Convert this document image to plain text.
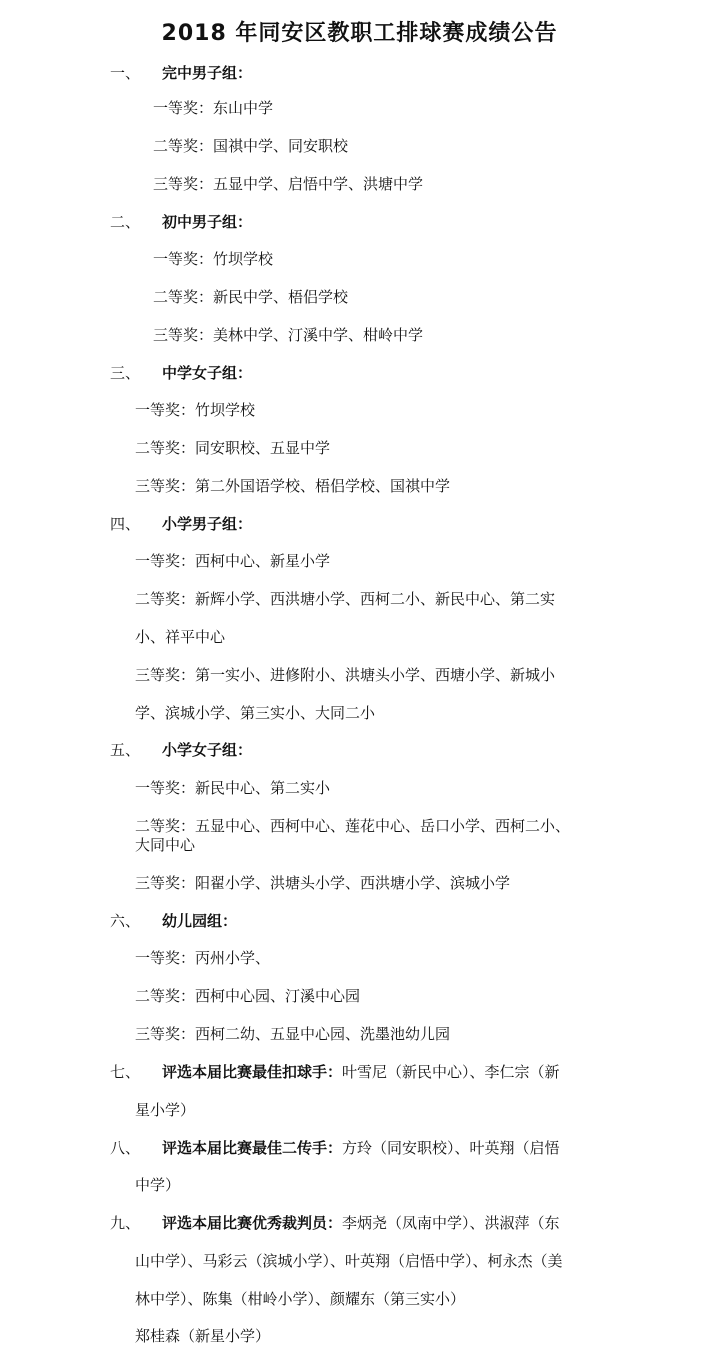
2018 年同安区教职工排球赛成绩公告
一、 完中男子组：
一等奖：东山中学
二等奖：国祺中学、同安职校
三等奖：五显中学、启悟中学、洪塘中学
二、 初中男子组：
一等奖：竹坝学校
二等奖：新民中学、梧侣学校
三等奖：美林中学、汀溪中学、柑岭中学
三、 中学女子组：
一等奖：竹坝学校
二等奖：同安职校、五显中学
三等奖：第二外国语学校、梧侣学校、国祺中学
四、 小学男子组：
一等奖：西柯中心、新星小学
二等奖：新辉小学、西洪塘小学、西柯二小、新民中心、第二实
小、祥平中心
三等奖：第一实小、进修附小、洪塘头小学、西塘小学、新城小
学、滨城小学、第三实小、大同二小
五、 小学女子组：
一等奖：新民中心、第二实小
二等奖：五显中心、西柯中心、莲花中心、岳口小学、西柯二小、
大同中心
三等奖：阳翟小学、洪塘头小学、西洪塘小学、滨城小学
六、 幼儿园组：
一等奖：丙州小学、
二等奖：西柯中心园、汀溪中心园
三等奖：西柯二幼、五显中心园、洗墨池幼儿园
七、 评选本届比赛最佳扣球手：叶雪尼（新民中心）、李仁宗（新
星小学）
八、 评选本届比赛最佳二传手：方玲（同安职校）、叶英翔（启悟
中学）
九、 评选本届比赛优秀裁判员：李炳尧（凤南中学）、洪淑萍（东
山中学）、马彩云（滨城小学）、叶英翔（启悟中学）、柯永杰（美
林中学）、陈集（柑岭小学）、颜耀东（第三实小）
郑桂森（新星小学）
